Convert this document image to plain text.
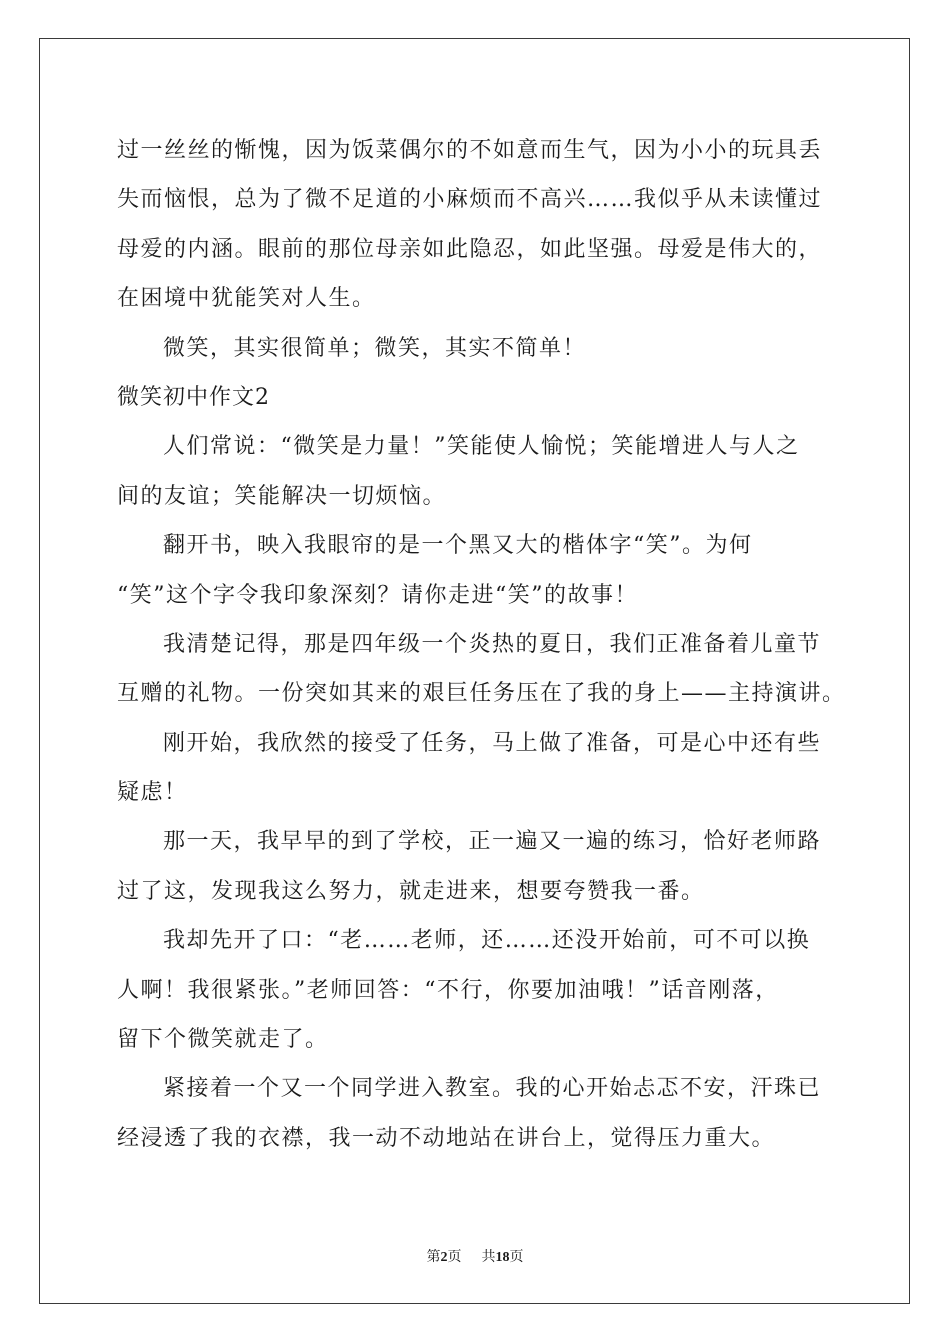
过一丝丝的惭愧，因为饭菜偶尔的不如意而生气，因为小小的玩具丢
失而恼恨，总为了微不足道的小麻烦而不高兴……我似乎从未读懂过
母爱的内涵。眼前的那位母亲如此隐忍，如此坚强。母爱是伟大的，
在困境中犹能笑对人生。
微笑，其实很简单；微笑，其实不简单！
微笑初中作文2
人们常说：“微笑是力量！”笑能使人愉悦；笑能增进人与人之
间的友谊；笑能解决一切烦恼。
翻开书，映入我眼帘的是一个黑又大的楷体字“笑”。为何
“笑”这个字令我印象深刻？请你走进“笑”的故事！
我清楚记得，那是四年级一个炎热的夏日，我们正准备着儿童节
互赠的礼物。一份突如其来的艰巨任务压在了我的身上——主持演讲。
刚开始，我欣然的接受了任务，马上做了准备，可是心中还有些
疑虑！
那一天，我早早的到了学校，正一遍又一遍的练习，恰好老师路
过了这，发现我这么努力，就走进来，想要夸赞我一番。
我却先开了口：“老……老师，还……还没开始前，可不可以换
人啊！我很紧张。”老师回答：“不行，你要加油哦！”话音刚落，
留下个微笑就走了。
紧接着一个又一个同学进入教室。我的心开始忐忑不安，汗珠已
经浸透了我的衣襟，我一动不动地站在讲台上，觉得压力重大。
第2页 共18页
